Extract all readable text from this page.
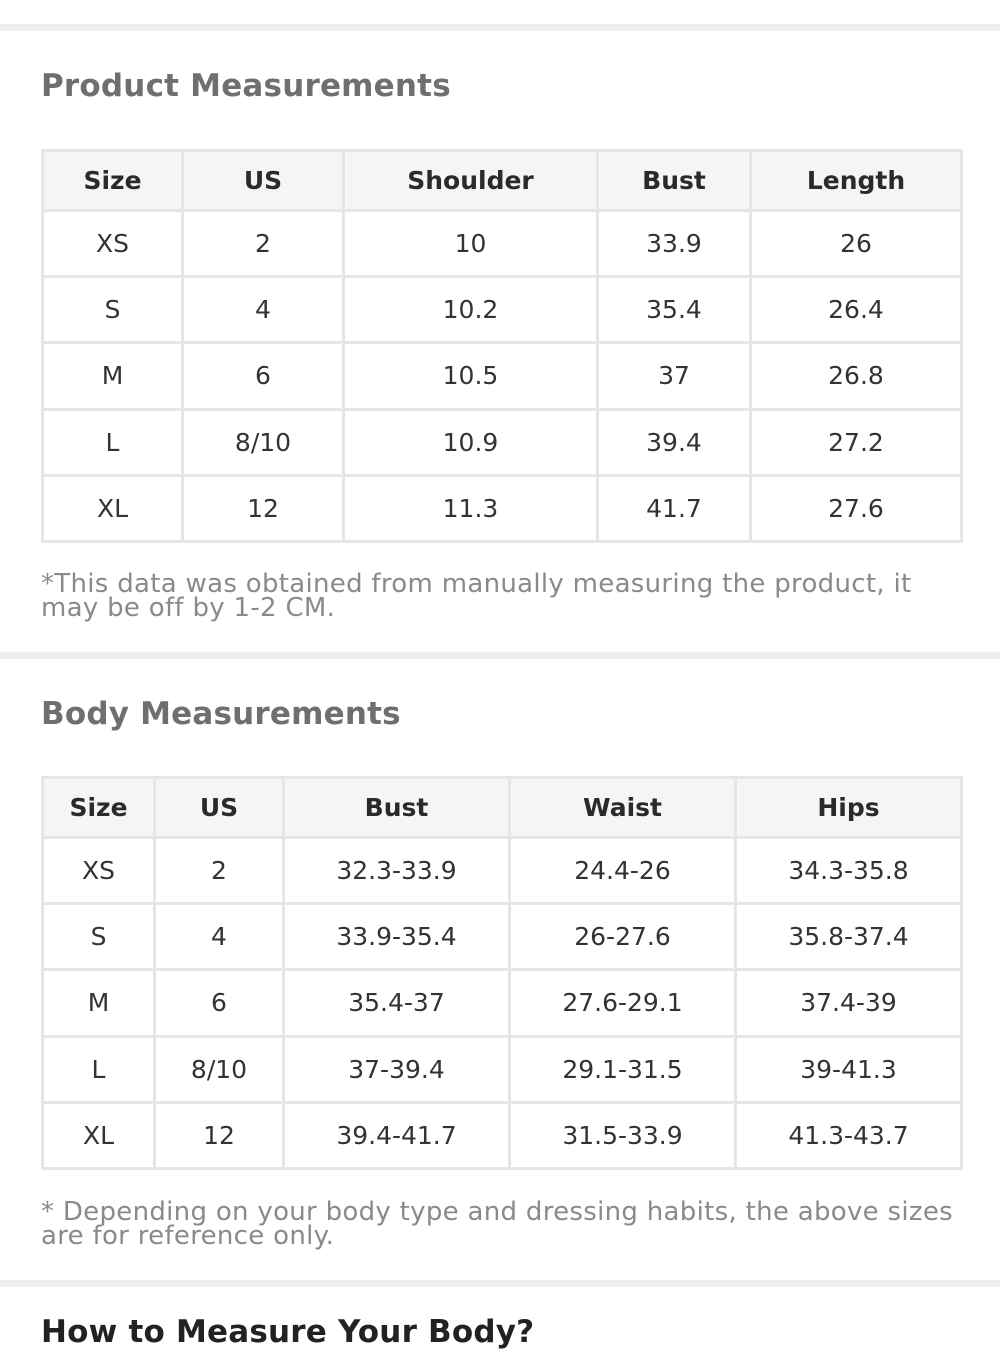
Product Measurements
Size	US	Shoulder	Bust	Length
XS	2	10	33.9	26
S	4	10.2	35.4	26.4
M	6	10.5	37	26.8
L	8/10	10.9	39.4	27.2
XL	12	11.3	41.7	27.6

*This data was obtained from manually measuring the product, it may be off by 1-2 CM.

Body Measurements
Size	US	Bust	Waist	Hips
XS	2	32.3-33.9	24.4-26	34.3-35.8
S	4	33.9-35.4	26-27.6	35.8-37.4
M	6	35.4-37	27.6-29.1	37.4-39
L	8/10	37-39.4	29.1-31.5	39-41.3
XL	12	39.4-41.7	31.5-33.9	41.3-43.7

* Depending on your body type and dressing habits, the above sizes are for reference only.

How to Measure Your Body?
